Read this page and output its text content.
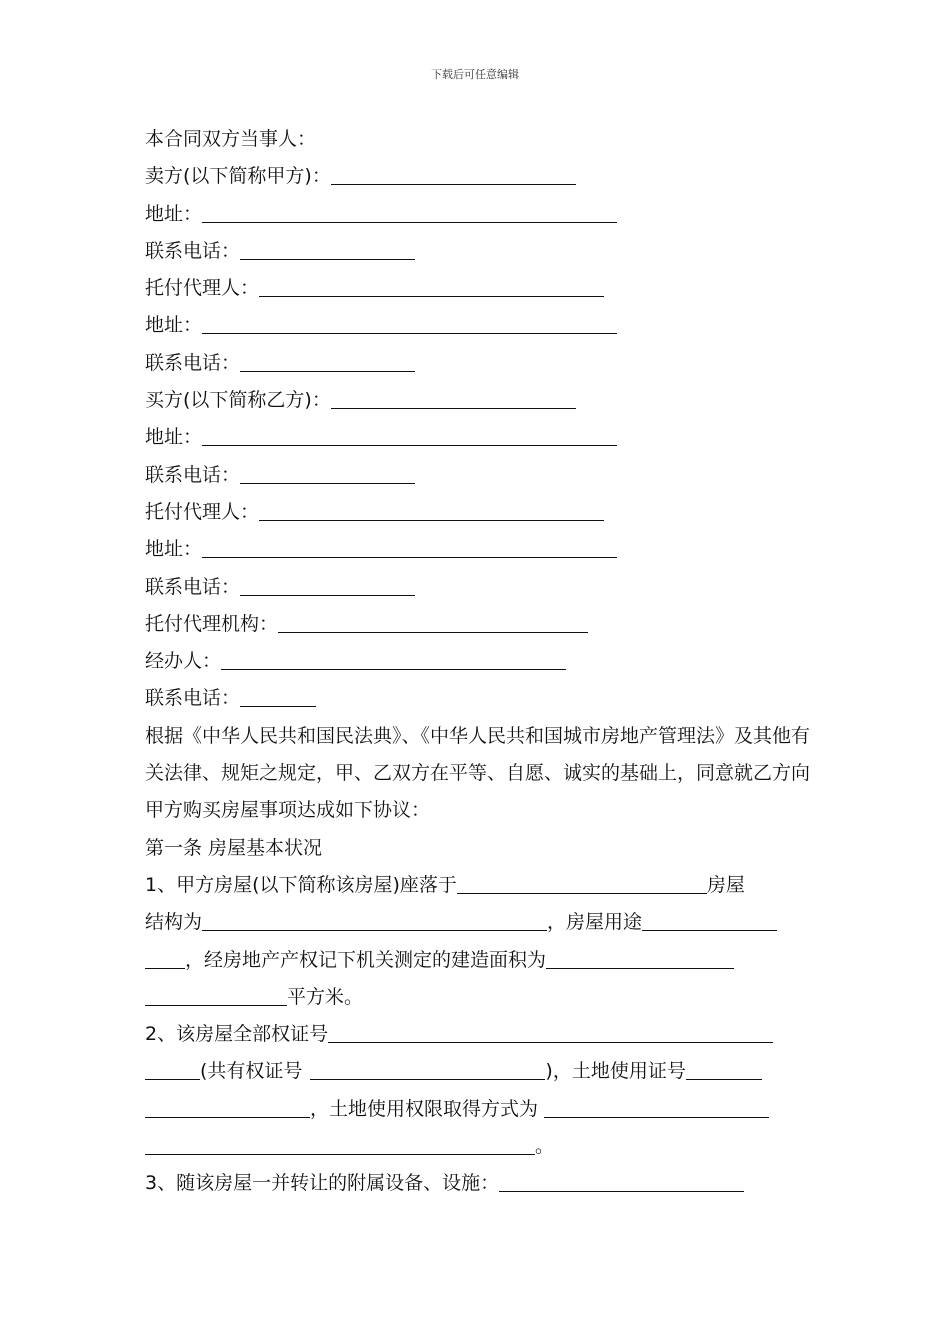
下载后可任意编辑
本合同双方当事人：
卖方(以下简称甲方)：
地址：
联系电话：
托付代理人：
地址：
联系电话：
买方(以下简称乙方)：
地址：
联系电话：
托付代理人：
地址：
联系电话：
托付代理机构：
经办人：
联系电话：
根据《中华人民共和国民法典》、《中华人民共和国城市房地产管理法》及其他有关法律、规矩之规定，甲、乙双方在平等、自愿、诚实的基础上，同意就乙方向甲方购买房屋事项达成如下协议：
第一条 房屋基本状况
1、甲方房屋(以下简称该房屋)座落于	房屋
结构为	，房屋用途
，经房地产产权记下机关测定的建造面积为
平方米。
2、该房屋全部权证号
(共有权证号	)，土地使用证号
，土地使用权限取得方式为
。
3、随该房屋一并转让的附属设备、设施：
